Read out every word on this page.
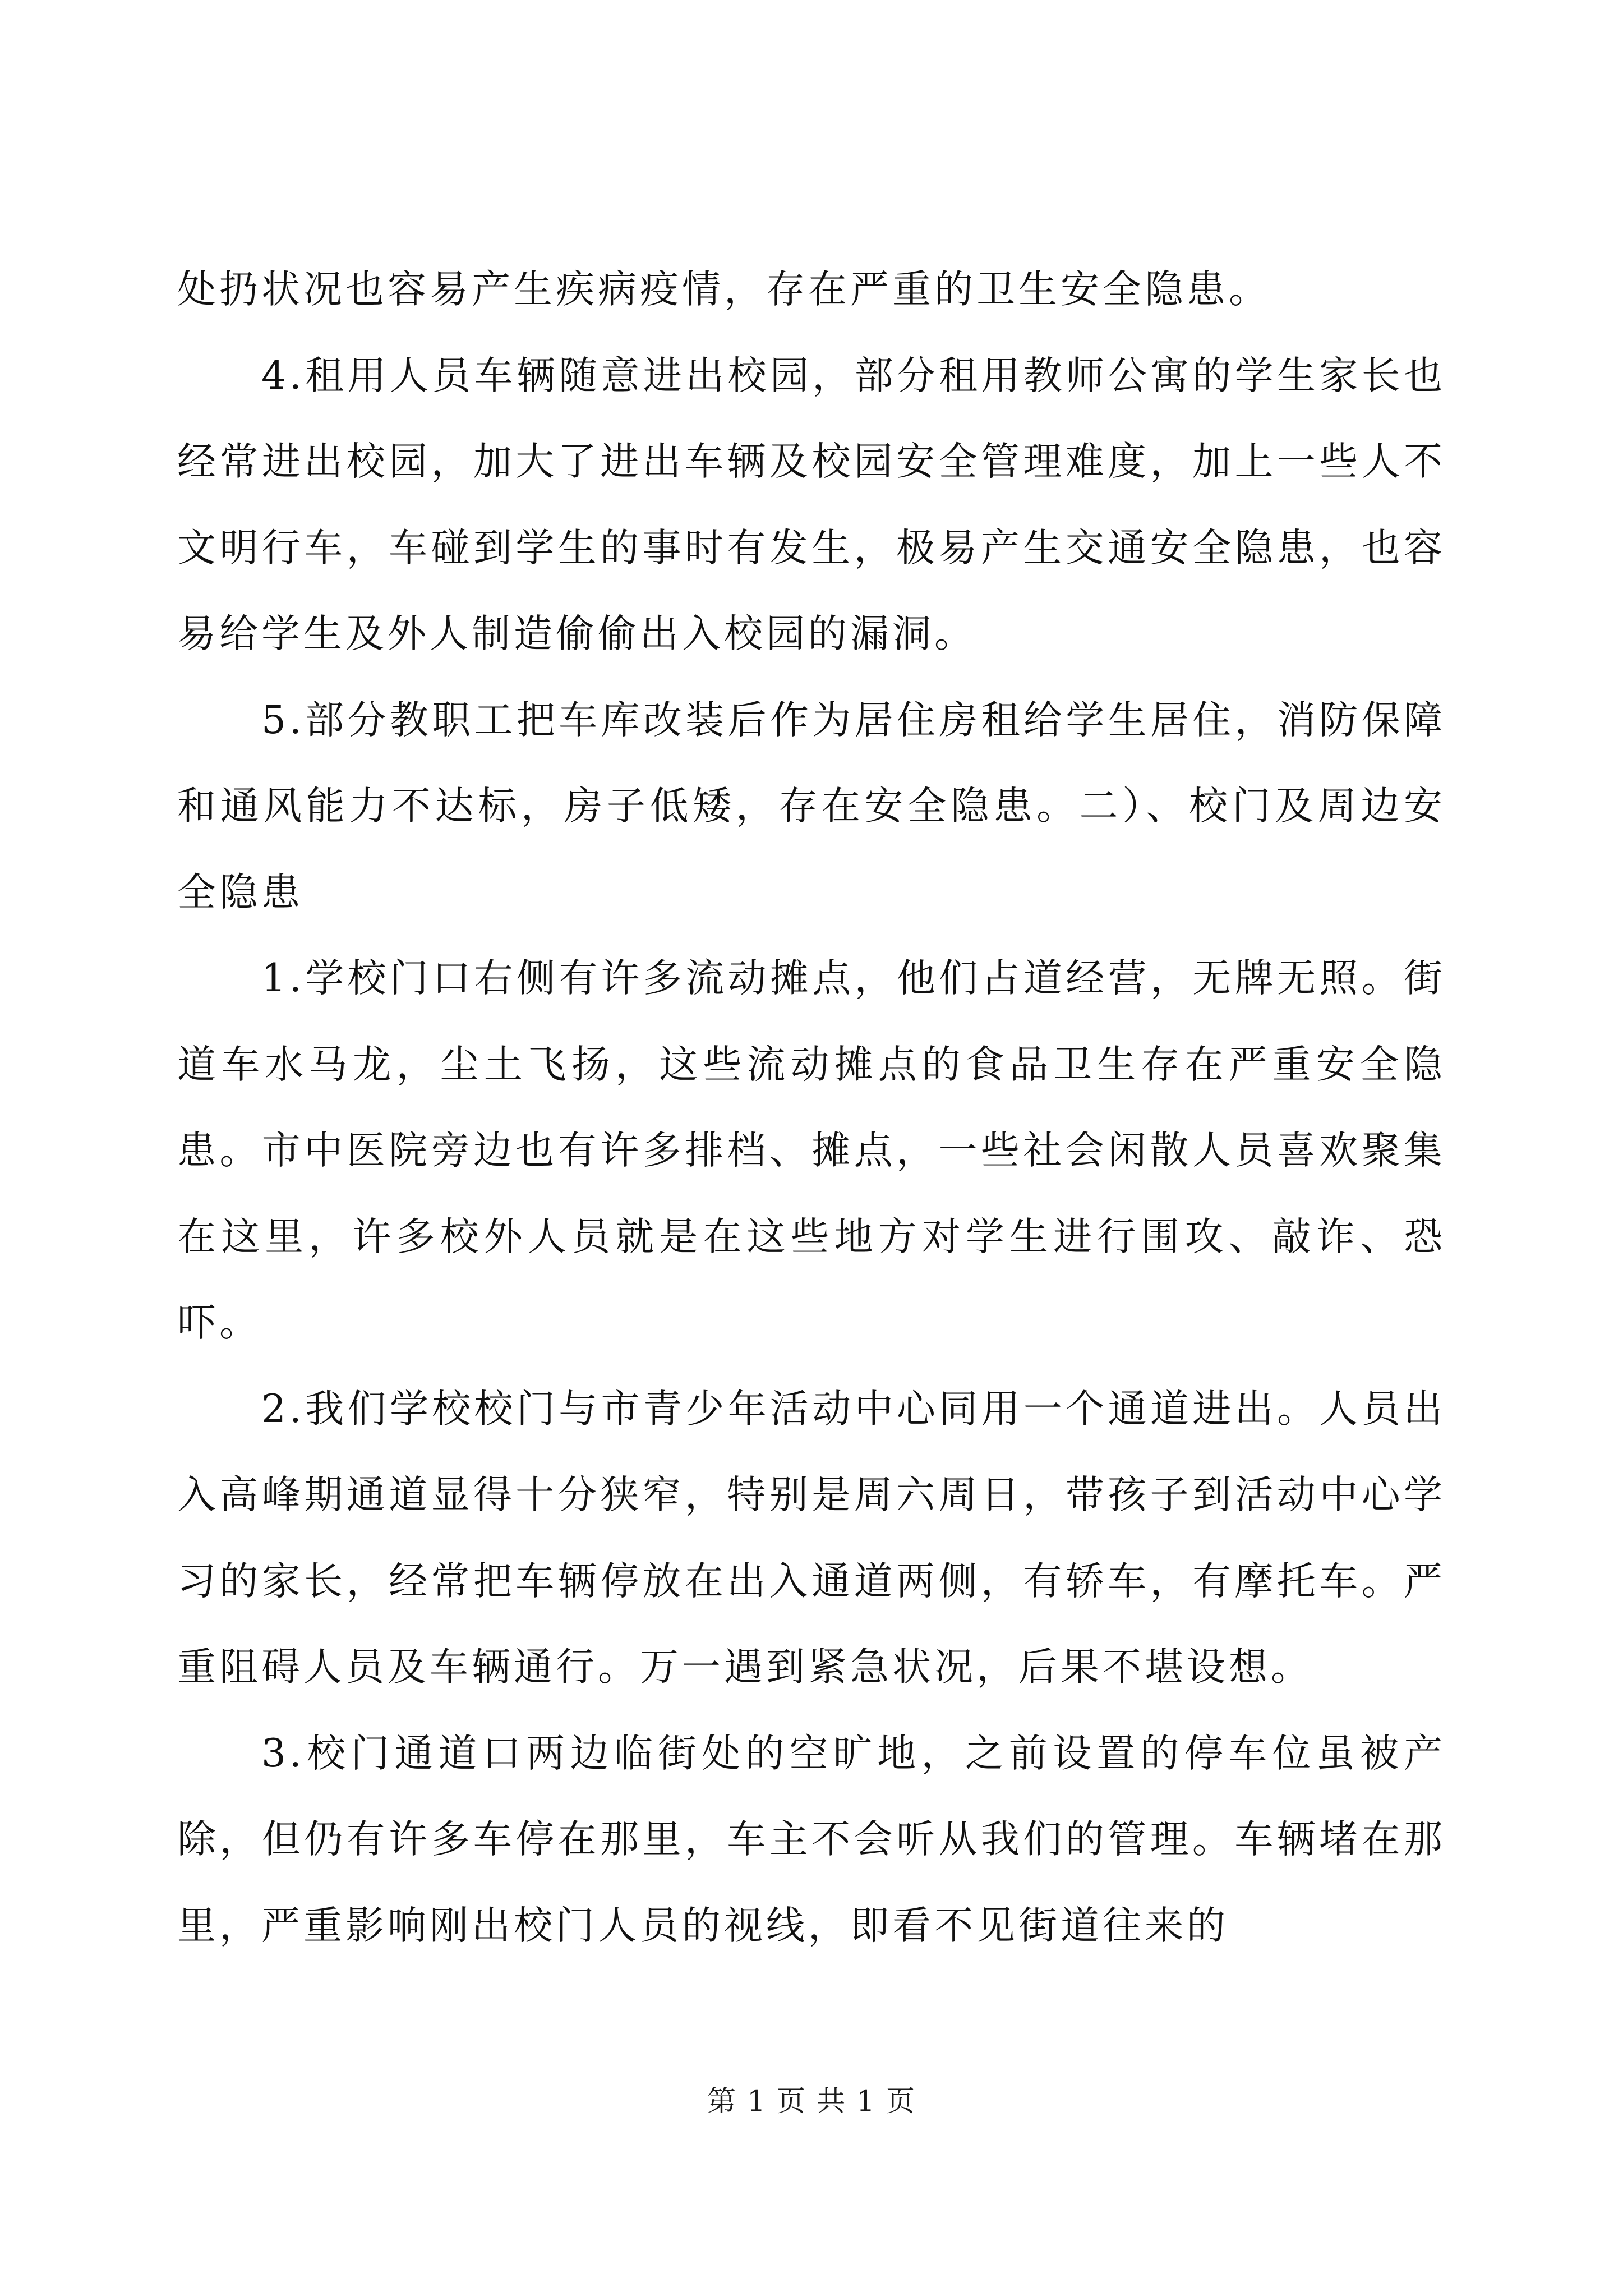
处扔状况也容易产生疾病疫情，存在严重的卫生安全隐患。

4.租用人员车辆随意进出校园，部分租用教师公寓的学生家长也经常进出校园，加大了进出车辆及校园安全管理难度，加上一些人不文明行车，车碰到学生的事时有发生，极易产生交通安全隐患，也容易给学生及外人制造偷偷出入校园的漏洞。

5.部分教职工把车库改装后作为居住房租给学生居住，消防保障和通风能力不达标，房子低矮，存在安全隐患。二）、校门及周边安全隐患

1.学校门口右侧有许多流动摊点，他们占道经营，无牌无照。街道车水马龙，尘土飞扬，这些流动摊点的食品卫生存在严重安全隐患。市中医院旁边也有许多排档、摊点，一些社会闲散人员喜欢聚集在这里，许多校外人员就是在这些地方对学生进行围攻、敲诈、恐吓。

2.我们学校校门与市青少年活动中心同用一个通道进出。人员出入高峰期通道显得十分狭窄，特别是周六周日，带孩子到活动中心学习的家长，经常把车辆停放在出入通道两侧，有轿车，有摩托车。严重阻碍人员及车辆通行。万一遇到紧急状况，后果不堪设想。

3.校门通道口两边临街处的空旷地，之前设置的停车位虽被产除，但仍有许多车停在那里，车主不会听从我们的管理。车辆堵在那里，严重影响刚出校门人员的视线，即看不见街道往来的

第 1 页 共 1 页
